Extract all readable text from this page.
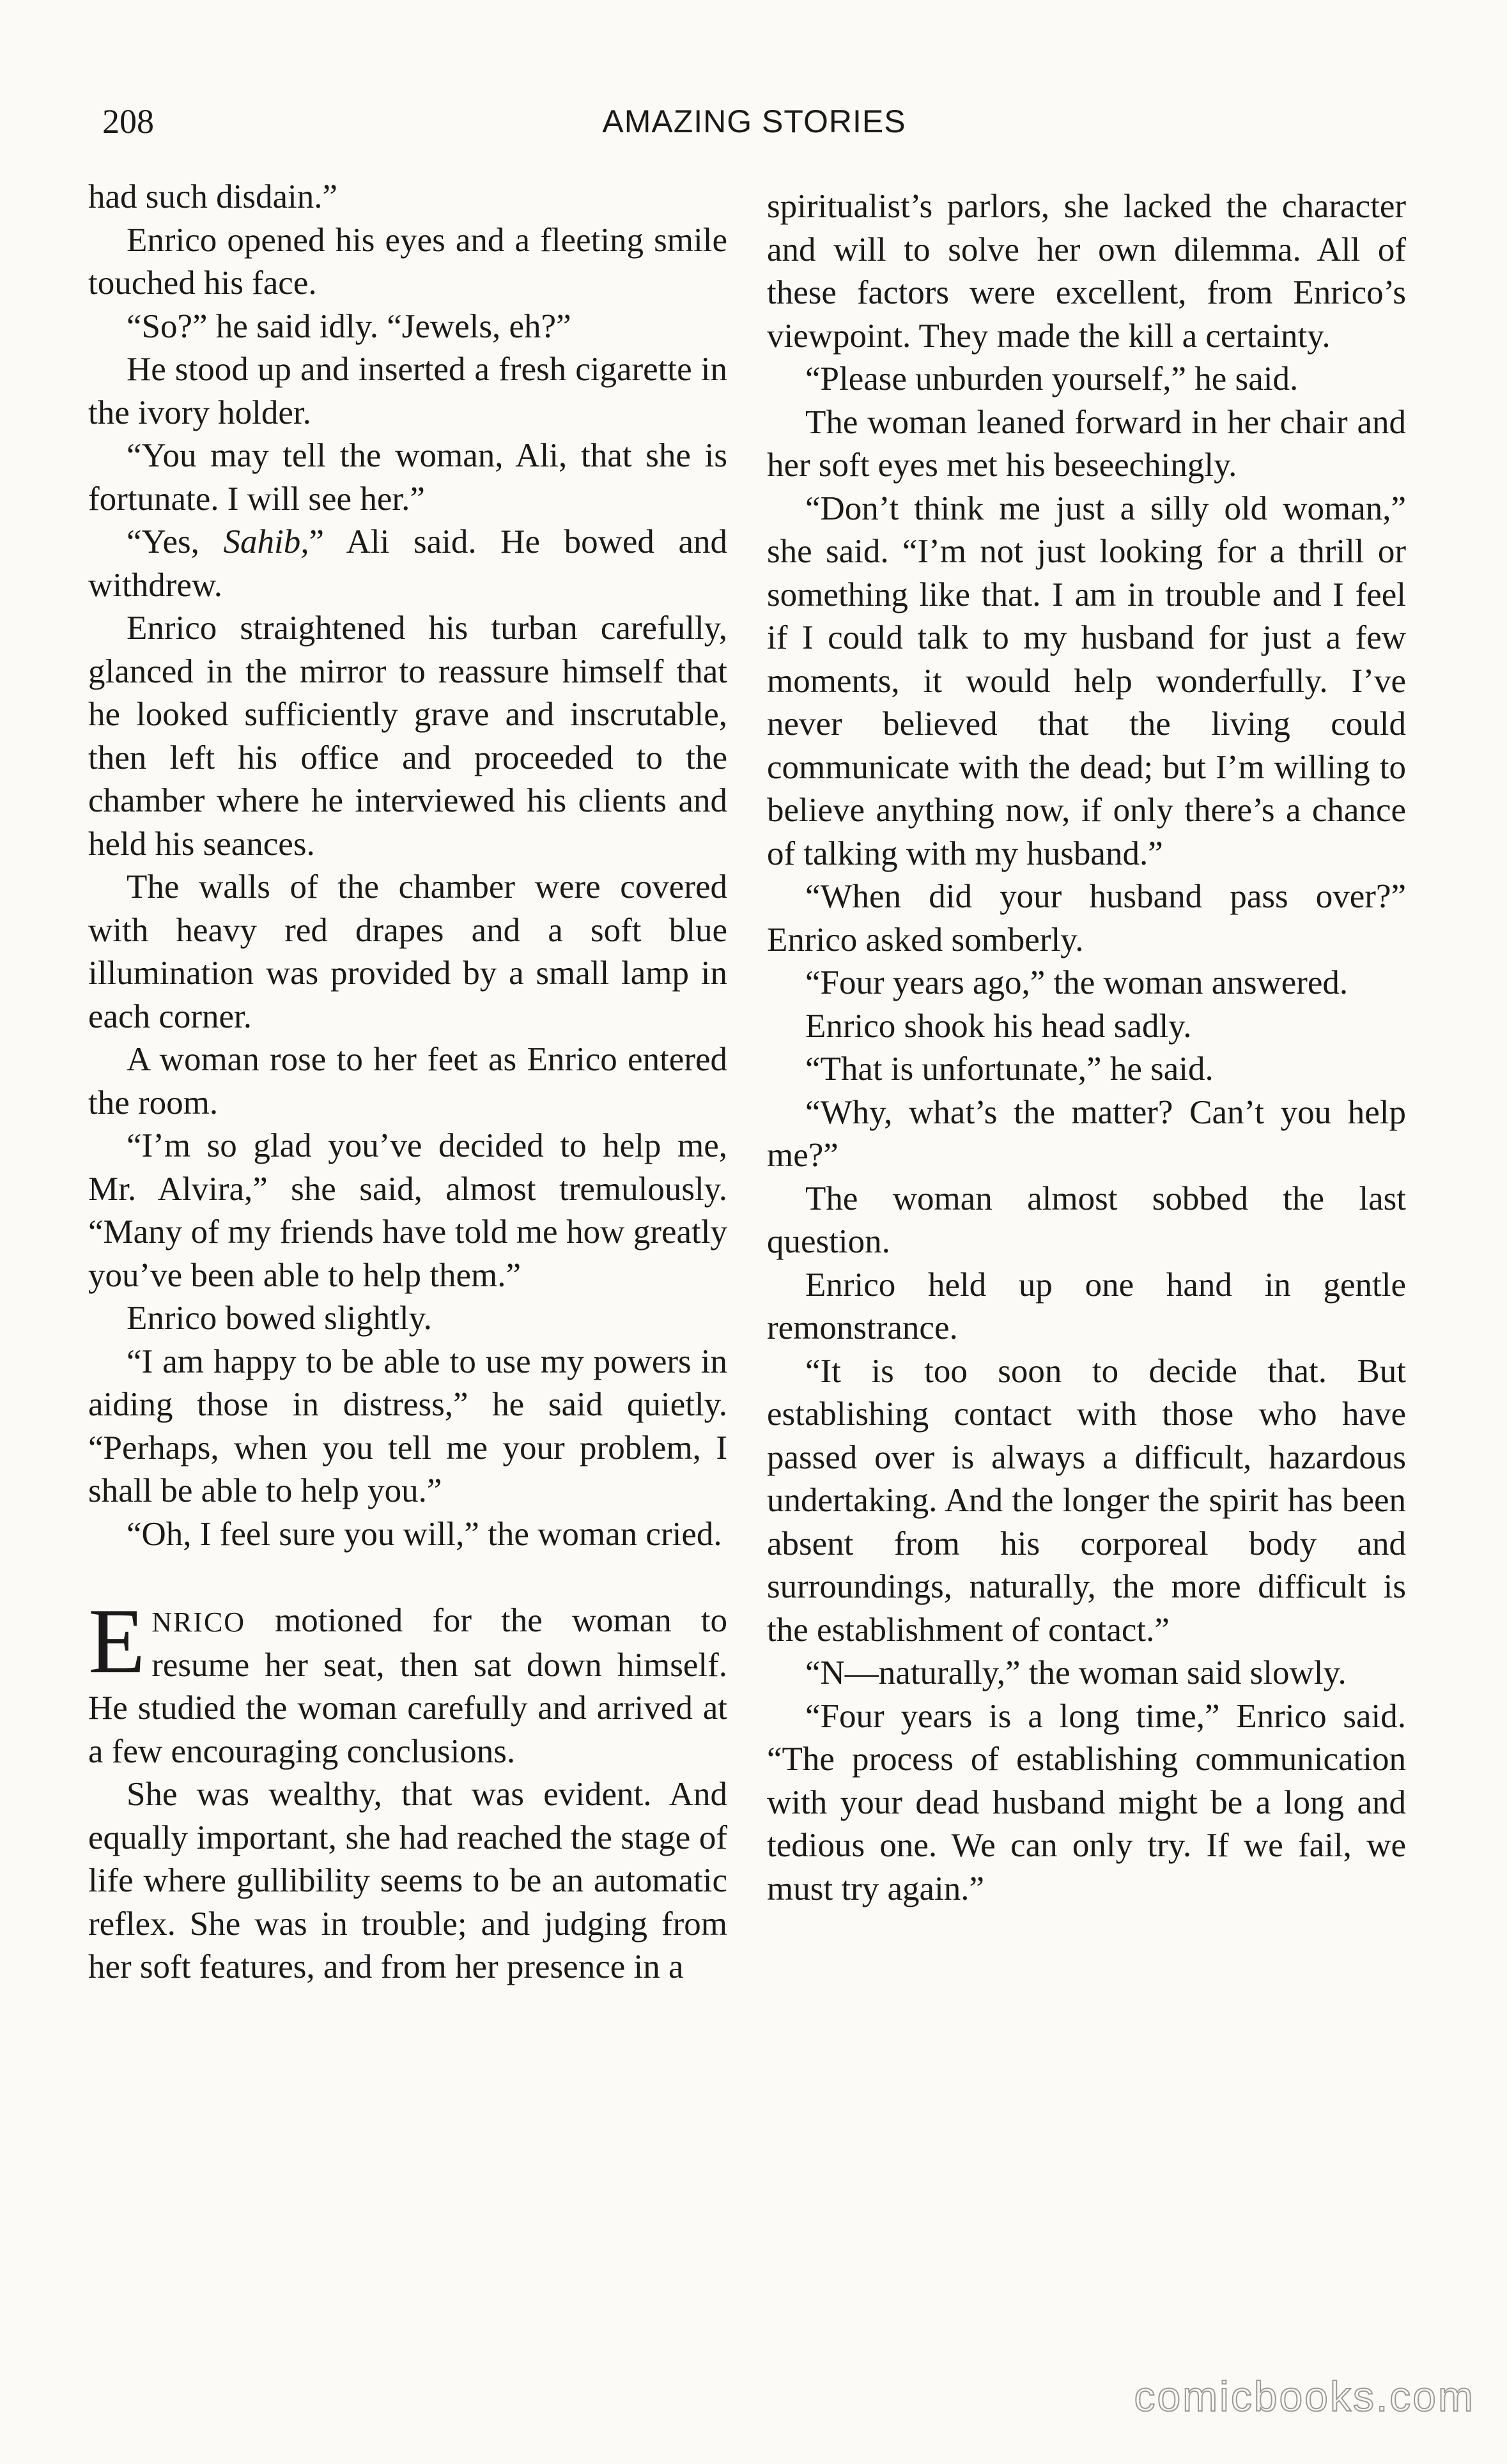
208	AMAZING STORIES

had such disdain.”

Enrico opened his eyes and a fleeting smile touched his face.

“So?” he said idly. “Jewels, eh?”

He stood up and inserted a fresh cigarette in the ivory holder.

“You may tell the woman, Ali, that she is fortunate. I will see her.”

“Yes, Sahib,” Ali said. He bowed and withdrew.

Enrico straightened his turban carefully, glanced in the mirror to reassure himself that he looked sufficiently grave and inscrutable, then left his office and proceeded to the chamber where he interviewed his clients and held his seances.

The walls of the chamber were covered with heavy red drapes and a soft blue illumination was provided by a small lamp in each corner.

A woman rose to her feet as Enrico entered the room.

“I’m so glad you’ve decided to help me, Mr. Alvira,” she said, almost tremulously. “Many of my friends have told me how greatly you’ve been able to help them.”

Enrico bowed slightly.

“I am happy to be able to use my powers in aiding those in distress,” he said quietly. “Perhaps, when you tell me your problem, I shall be able to help you.”

“Oh, I feel sure you will,” the woman cried.

ENRICO motioned for the woman to resume her seat, then sat down himself. He studied the woman carefully and arrived at a few encouraging conclusions.

She was wealthy, that was evident. And equally important, she had reached the stage of life where gullibility seems to be an automatic reflex. She was in trouble; and judging from her soft features, and from her presence in a

spiritualist’s parlors, she lacked the character and will to solve her own dilemma. All of these factors were excellent, from Enrico’s viewpoint. They made the kill a certainty.

“Please unburden yourself,” he said.

The woman leaned forward in her chair and her soft eyes met his beseechingly.

“Don’t think me just a silly old woman,” she said. “I’m not just looking for a thrill or something like that. I am in trouble and I feel if I could talk to my husband for just a few moments, it would help wonderfully. I’ve never believed that the living could communicate with the dead; but I’m willing to believe anything now, if only there’s a chance of talking with my husband.”

“When did your husband pass over?” Enrico asked somberly.

“Four years ago,” the woman answered.

Enrico shook his head sadly.

“That is unfortunate,” he said.

“Why, what’s the matter? Can’t you help me?”

The woman almost sobbed the last question.

Enrico held up one hand in gentle remonstrance.

“It is too soon to decide that. But establishing contact with those who have passed over is always a difficult, hazardous undertaking. And the longer the spirit has been absent from his corporeal body and surroundings, naturally, the more difficult is the establishment of contact.”

“N—naturally,” the woman said slowly.

“Four years is a long time,” Enrico said. “The process of establishing communication with your dead husband might be a long and tedious one. We can only try. If we fail, we must try again.”

comicbooks.com
